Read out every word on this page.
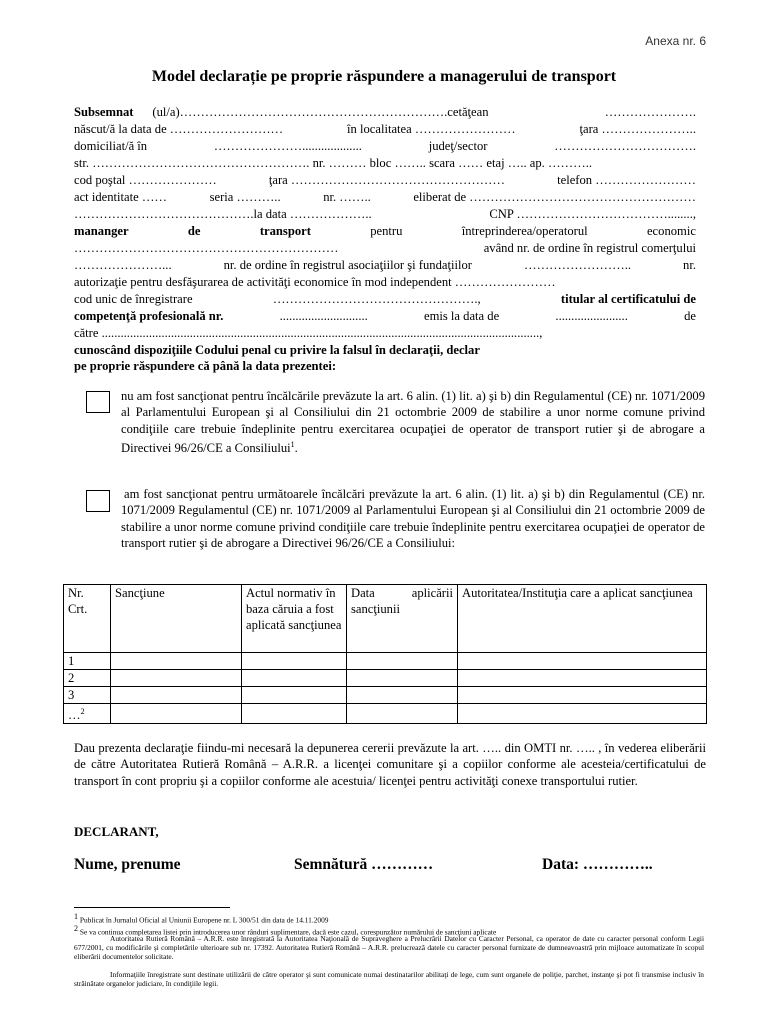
Anexa nr. 6
Model declarație pe proprie răspundere a managerului de transport
Subsemnat (ul/a)……………………………………………………….cetăţean	………………….
născut/ă la data de ………………………	în localitatea ……………………	ţara …………………..
domiciliat/ă în	…………………...................	judeţ/sector	…………………………….
str. ……………………………………………. nr. ……… bloc …….. scara …… etaj ….. ap. ………..
cod poştal …………………	ţara ……………………………………………	telefon ……………………
act identitate ……	seria ………..	nr. ……..	eliberat de ………………………………………………
…………………………………….la data ………………..	CNP ………………………………........,
mananger	de	transport	pentru	întreprinderea/operatorul	economic
………………………………………………………	având nr. de ordine în registrul comerţului
…………………...	nr. de ordine în registrul asociaţiilor şi fundaţiilor	……………………..	nr.
autorizaţie pentru desfăşurarea de activităţi economice în mod independent ……………………
cod unic de înregistrare	………………………………………….,	titular al certificatului de
competenţă profesională nr.	............................	emis la data de	.......................	de
către ...........................................................................................................................................,
cunoscând dispoziţiile Codului penal cu privire la falsul în declaraţii, declar
pe proprie răspundere că până la data prezentei:
nu am fost sancţionat pentru încălcările prevăzute la art. 6 alin. (1) lit. a) şi b) din Regulamentul (CE) nr. 1071/2009 al Parlamentului European şi al Consiliului din 21 octombrie 2009 de stabilire a unor norme comune privind condiţiile care trebuie îndeplinite pentru exercitarea ocupaţiei de operator de transport rutier şi de abrogare a Directivei 96/26/CE a Consiliului$^1$.
am fost sancţionat pentru următoarele încălcări prevăzute la art. 6 alin. (1) lit. a) şi b) din Regulamentul (CE) nr. 1071/2009 Regulamentul (CE) nr. 1071/2009 al Parlamentului European şi al Consiliului din 21 octombrie 2009 de stabilire a unor norme comune privind condiţiile care trebuie îndeplinite pentru exercitarea ocupaţiei de operator de transport rutier şi de abrogare a Directivei 96/26/CE a Consiliului:
Nr. Crt.	Sancţiune	Actul normativ în baza căruia a fost aplicată sancţiunea	Data aplicării sancţiunii	Autoritatea/Instituţia care a aplicat sancţiunea
1				
2				
3				
…$^2$				
Dau prezenta declaraţie fiindu-mi necesară la depunerea cererii prevăzute la art. ….. din OMTI nr. ….. , în vederea eliberării de către Autoritatea Rutieră Română – A.R.R. a licenţei comunitare şi a copiilor conforme ale acesteia/certificatului de transport în cont propriu şi a copiilor conforme ale acestuia/ licenţei pentru activităţi conexe transportului rutier.
DECLARANT,
Nume, prenume	Semnătură …………	Data: …………..
$^1$ Publicat în Jurnalul Oficial al Uniunii Europene nr. L 300/51 din data de 14.11.2009
$^2$ Se va continua completarea listei prin introducerea unor rânduri suplimentare, dacă este cazul, corespunzător numărului de sancţiuni aplicate
Autoritatea Rutieră Română – A.R.R. este înregistrată la Autoritatea Naţională de Supraveghere a Prelucrării Datelor cu Caracter Personal, ca operator de date cu caracter personal conform Legii 677/2001, cu modificările şi completările ulterioare sub nr. 17392. Autoritatea Rutieră Română – A.R.R. prelucrează datele cu caracter personal furnizate de dumneavoastră prin mijloace automatizate în scopul eliberării documentelor solicitate.
Informaţiile înregistrate sunt destinate utilizării de către operator şi sunt comunicate numai destinatarilor abilitaţi de lege, cum sunt organele de poliţie, parchet, instanţe şi pot fi transmise inclusiv în străinătate organelor judiciare, în condiţiile legii.
